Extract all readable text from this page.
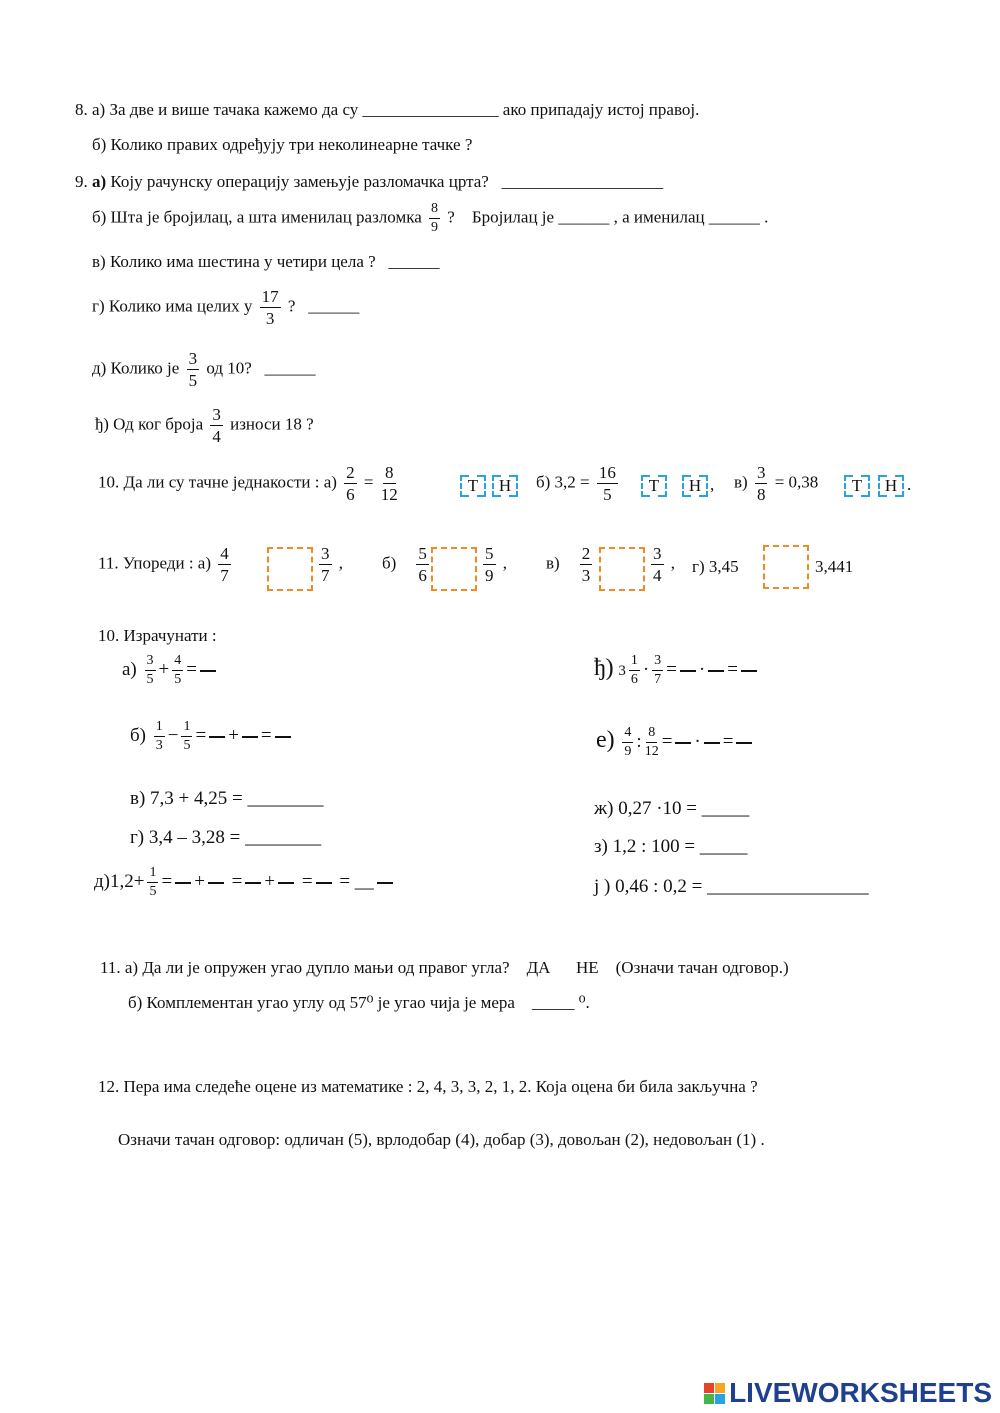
8. а) За две и више тачака кажемо да су ________________ ако припадају истој правој.
б) Колико правих одређују три неколинеарне тачке ?
9. а) Коју рачунску операцију замењује разломачка црта? ___________________
б) Шта је бројилац, а шта именилац разломка $\frac{8}{9}$ ? Бројилац је ______ , а именилац ______ .
в) Колико има шестина у четири цела ? ______
г) Колико има целих у $\frac{17}{3}$ ? ______
д) Колико је $\frac{3}{5}$ од 10? ______
ђ) Од ког броја $\frac{3}{4}$ износи 18 ?
10. Да ли су тачне једнакости : $а) \frac{2}{6} = \frac{8}{12}$	Т	Н	б) $3,2 = \frac{16}{5}$	Т	Н , $в) \frac{3}{8} = 0,38$	Т	Н .
11. Упореди : $а) \frac{4}{7}$	$\frac{3}{7}$ , $б) \frac{5}{6}$	$\frac{5}{9}$ , $в) \frac{2}{3}$	$\frac{3}{4}$ , г) 3,45	3,441
10. Израчунати :
$а) \frac{3}{5} + \frac{4}{5}$ =
$б) \frac{1}{3} - \frac{1}{5}$ = + =
в) 7,3 + 4,25 = ________
г) 3,4 – 3,28 = ________
$д)1,2+ \frac{1}{5}$ = + = + = = __
ђ) $3 \frac{1}{6} \cdot \frac{3}{7}$ = · =
$е) \frac{4}{9}$ : $\frac{8}{12}$ = · =
ж) 0,27 ·10 = _____
з) 1,2 : 100 = _____
ј ) 0,46 : 0,2 = _________________
11. а) Да ли је опружен угао дупло мањи од правог угла? ДА НЕ (Означи тачан одговор.)
б) Комплементан угао углу од 57⁰ је угао чија је мера _____ ⁰.
12. Пера има следеће оцене из математике : 2, 4, 3, 3, 2, 1, 2. Која оцена би била закључна ?
Означи тачан одговор: одличан (5), врлодобар (4), добар (3), довољан (2), недовољан (1) .
LIVEWORKSHEETS
